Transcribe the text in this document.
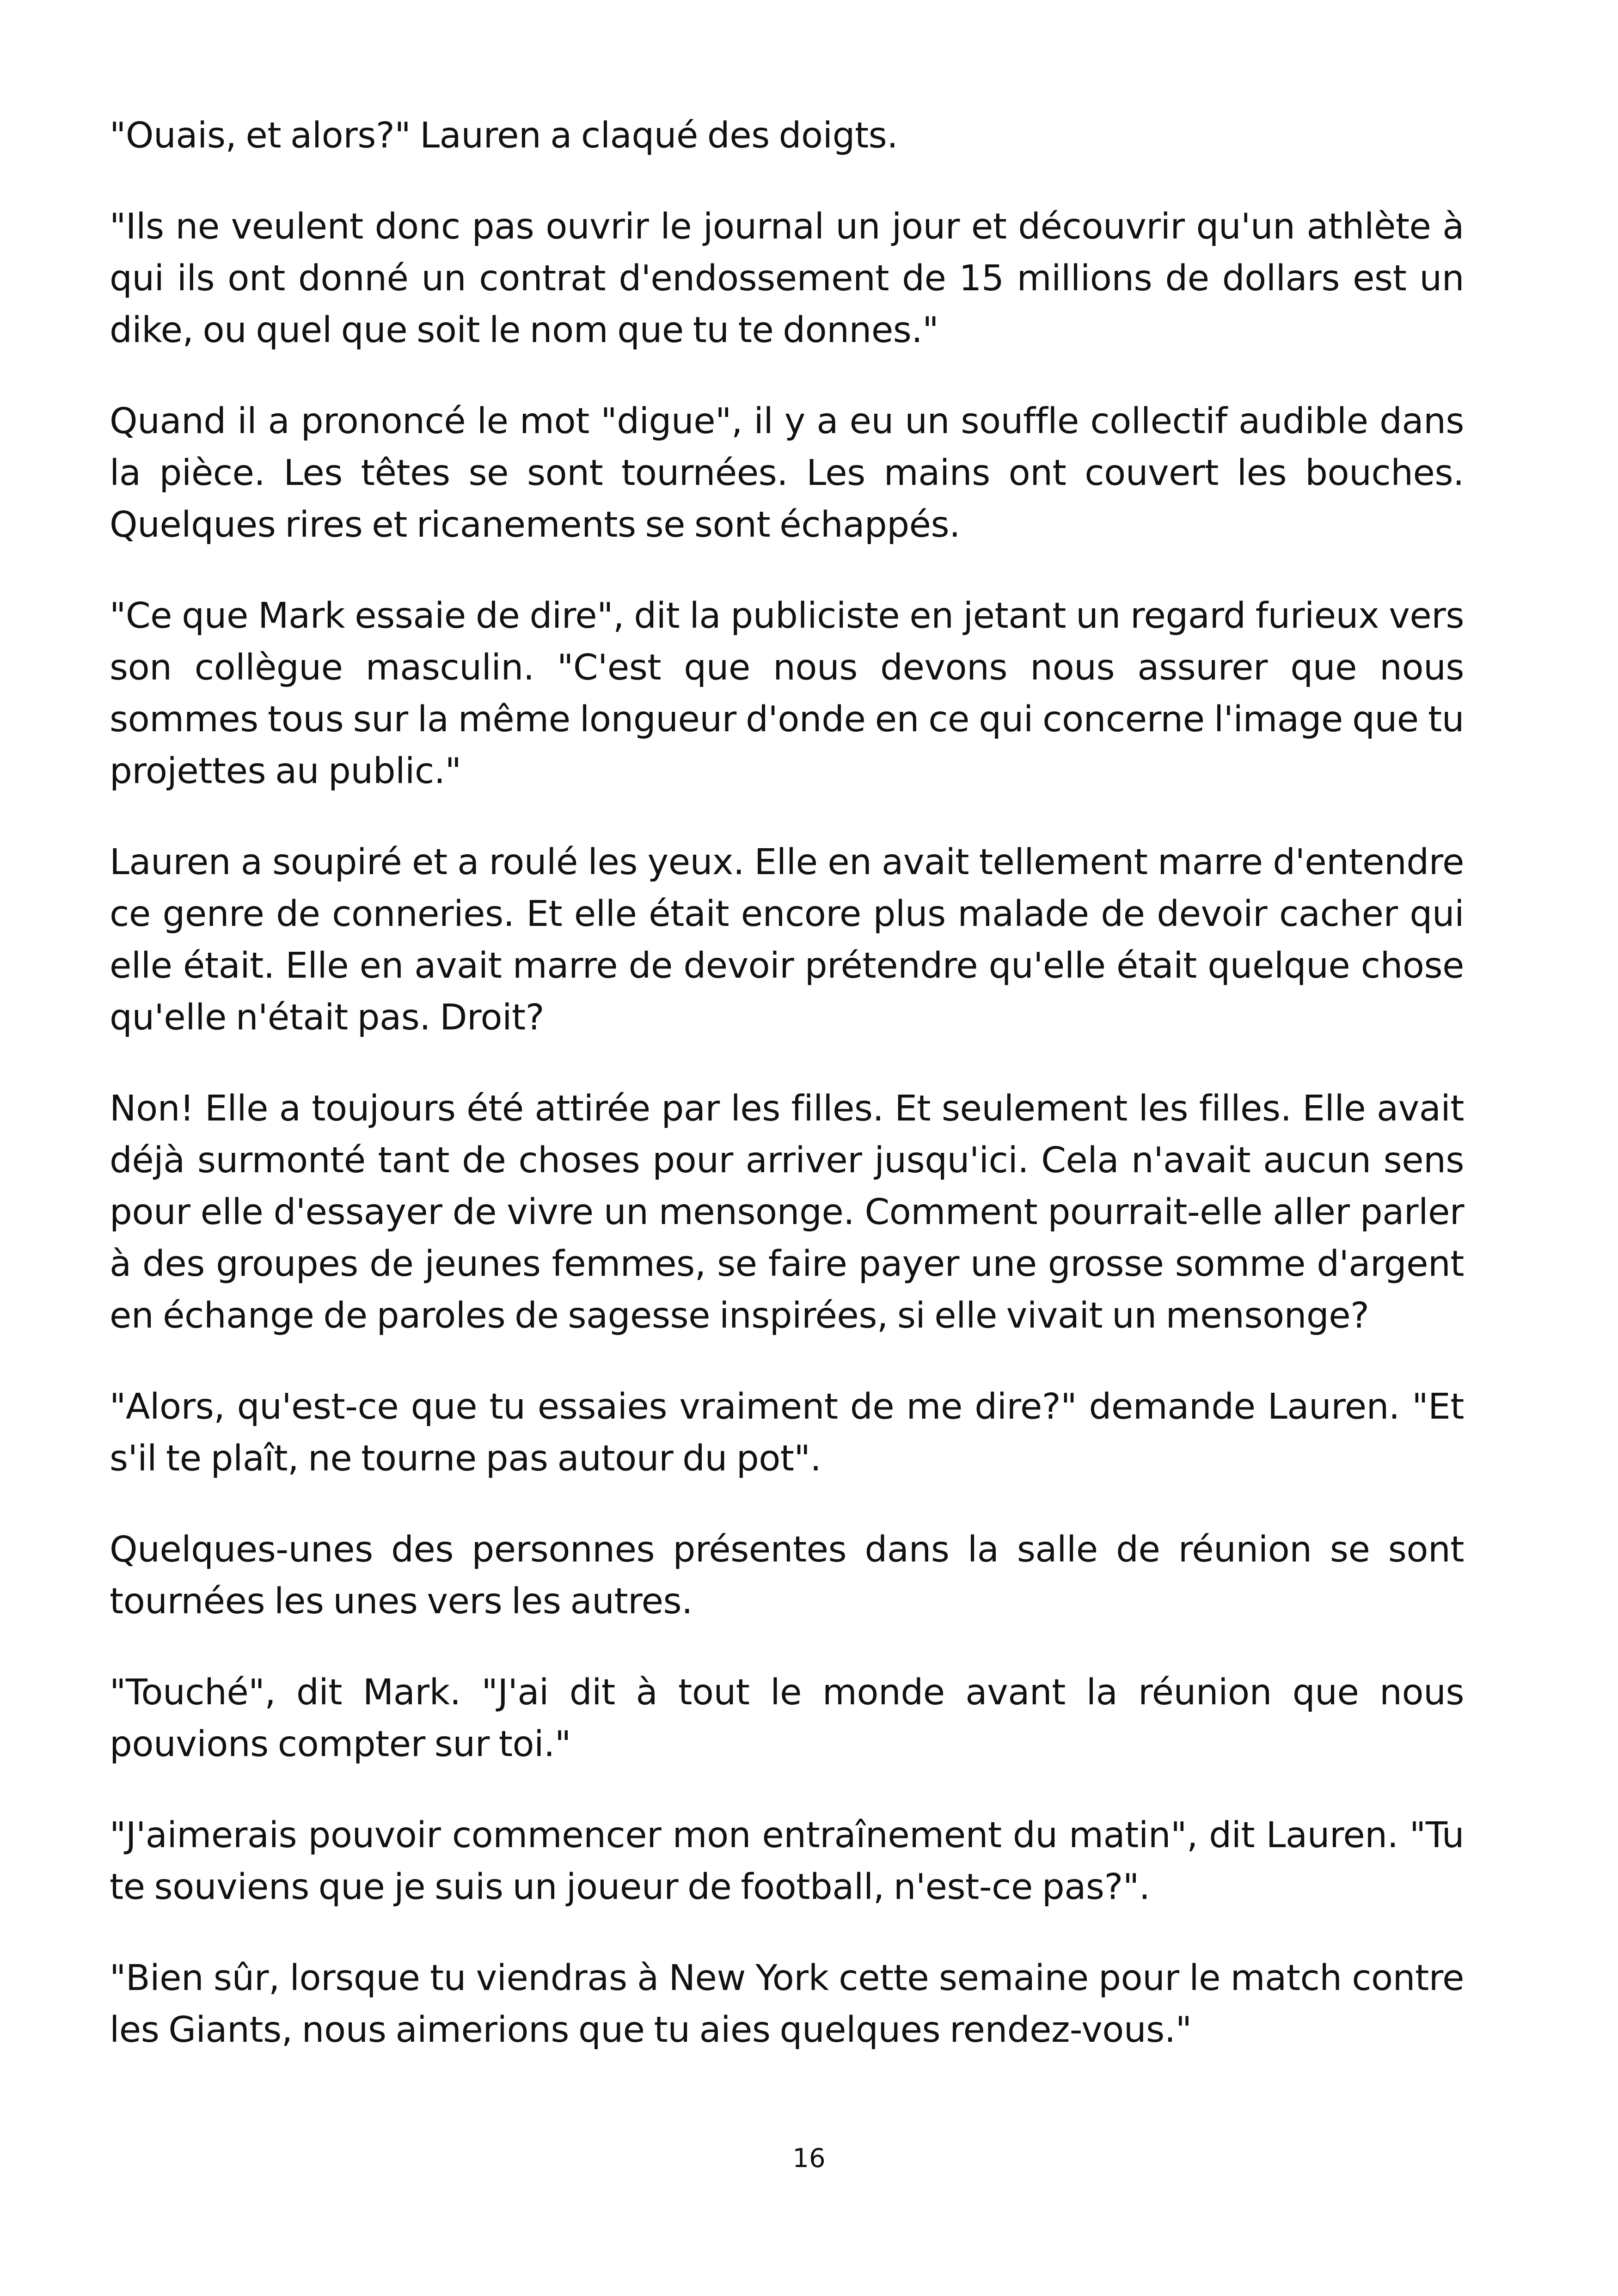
"Ouais, et alors?" Lauren a claqué des doigts.

"Ils ne veulent donc pas ouvrir le journal un jour et découvrir qu'un athlète à qui ils ont donné un contrat d'endossement de 15 millions de dollars est un dike, ou quel que soit le nom que tu te donnes."

Quand il a prononcé le mot "digue", il y a eu un souffle collectif audible dans la pièce. Les têtes se sont tournées. Les mains ont couvert les bouches. Quelques rires et ricanements se sont échappés.

"Ce que Mark essaie de dire", dit la publiciste en jetant un regard furieux vers son collègue masculin. "C'est que nous devons nous assurer que nous sommes tous sur la même longueur d'onde en ce qui concerne l'image que tu projettes au public."

Lauren a soupiré et a roulé les yeux. Elle en avait tellement marre d'entendre ce genre de conneries. Et elle était encore plus malade de devoir cacher qui elle était. Elle en avait marre de devoir prétendre qu'elle était quelque chose qu'elle n'était pas. Droit?

Non! Elle a toujours été attirée par les filles. Et seulement les filles. Elle avait déjà surmonté tant de choses pour arriver jusqu'ici. Cela n'avait aucun sens pour elle d'essayer de vivre un mensonge. Comment pourrait-elle aller parler à des groupes de jeunes femmes, se faire payer une grosse somme d'argent en échange de paroles de sagesse inspirées, si elle vivait un mensonge?

"Alors, qu'est-ce que tu essaies vraiment de me dire?" demande Lauren. "Et s'il te plaît, ne tourne pas autour du pot".

Quelques-unes des personnes présentes dans la salle de réunion se sont tournées les unes vers les autres.

"Touché", dit Mark. "J'ai dit à tout le monde avant la réunion que nous pouvions compter sur toi."

"J'aimerais pouvoir commencer mon entraînement du matin", dit Lauren. "Tu te souviens que je suis un joueur de football, n'est-ce pas?".

"Bien sûr, lorsque tu viendras à New York cette semaine pour le match contre les Giants, nous aimerions que tu aies quelques rendez-vous."

16
